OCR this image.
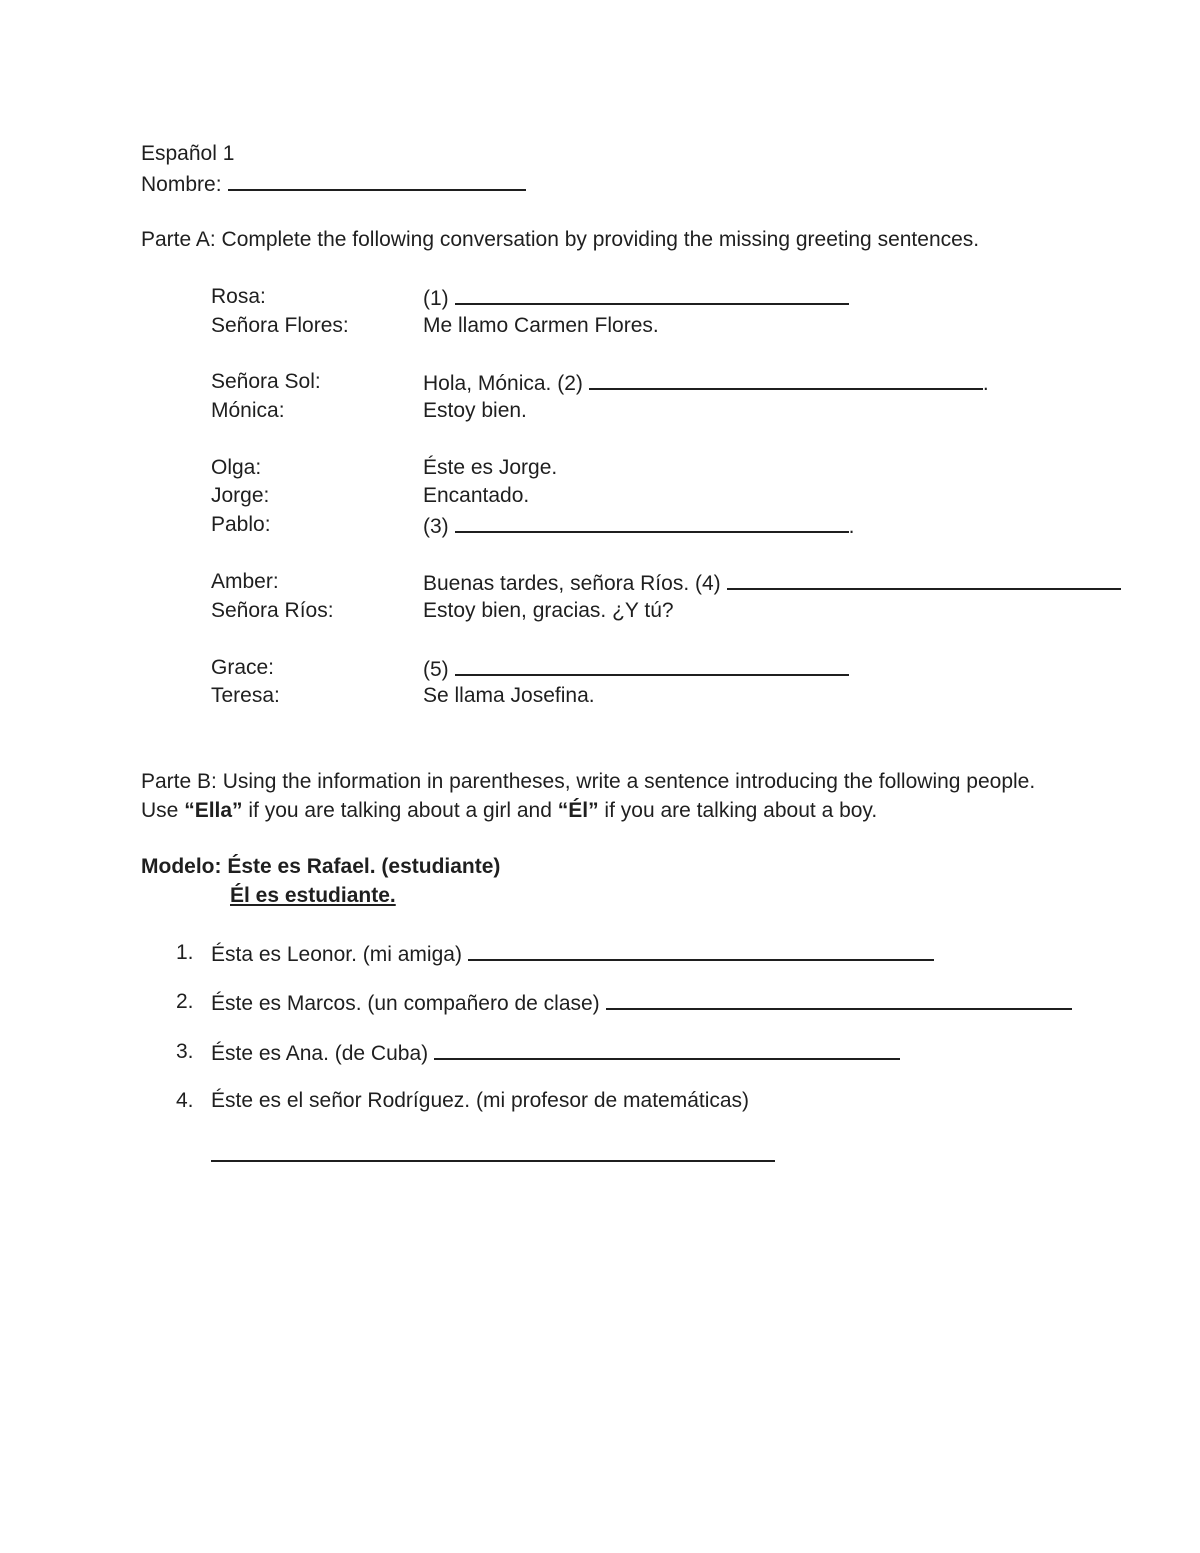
Español 1
Nombre:
Parte A: Complete the following conversation by providing the missing greeting sentences.
Rosa:	(1)
Señora Flores:	Me llamo Carmen Flores.
Señora Sol:	Hola, Mónica. (2)	.
Mónica:	Estoy bien.
Olga:	Éste es Jorge.
Jorge:	Encantado.
Pablo:	(3)	.
Amber:	Buenas tardes, señora Ríos. (4)
Señora Ríos:	Estoy bien, gracias. ¿Y tú?
Grace:	(5)
Teresa:	Se llama Josefina.
Parte B: Using the information in parentheses, write a sentence introducing the following people.
Use “Ella” if you are talking about a girl and “Él” if you are talking about a boy.
Modelo: Éste es Rafael. (estudiante)
Él es estudiante.
1. Ésta es Leonor. (mi amiga)
2. Éste es Marcos. (un compañero de clase)
3. Éste es Ana. (de Cuba)
4. Éste es el señor Rodríguez. (mi profesor de matemáticas)
